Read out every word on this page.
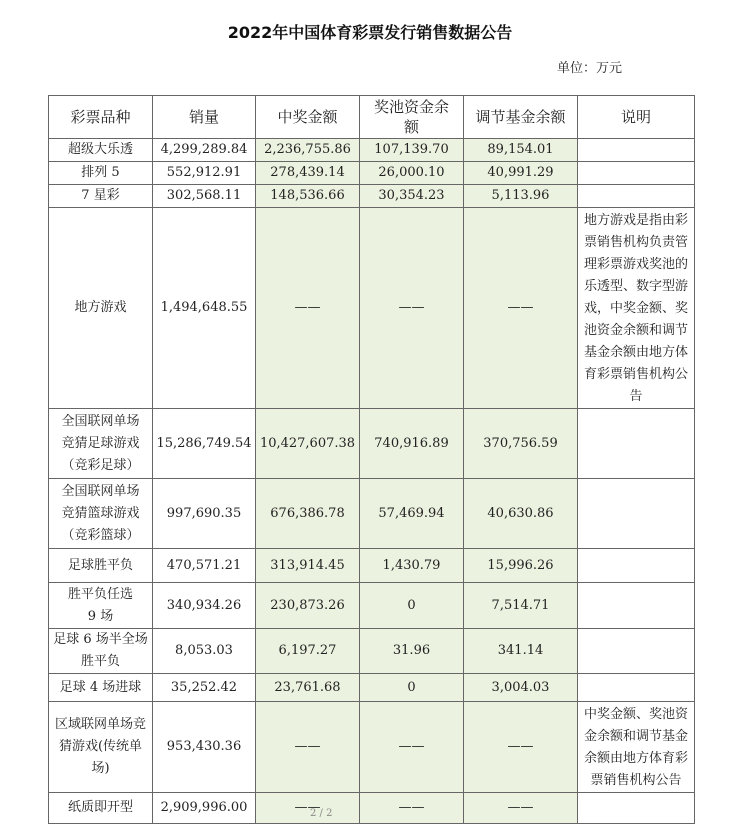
2022年中国体育彩票发行销售数据公告
单位：万元
彩票品种	销量	中奖金额	奖池资金余额	调节基金余额	说明
超级大乐透	4,299,289.84	2,236,755.86	107,139.70	89,154.01	
排列 5	552,912.91	278,439.14	26,000.10	40,991.29	
7 星彩	302,568.11	148,536.66	30,354.23	5,113.96	
地方游戏	1,494,648.55	——	——	——	地方游戏是指由彩票销售机构负责管理彩票游戏奖池的乐透型、数字型游戏，中奖金额、奖池资金余额和调节基金余额由地方体育彩票销售机构公告
全国联网单场竞猜足球游戏（竞彩足球）	15,286,749.54	10,427,607.38	740,916.89	370,756.59	
全国联网单场竞猜篮球游戏（竞彩篮球）	997,690.35	676,386.78	57,469.94	40,630.86	
足球胜平负	470,571.21	313,914.45	1,430.79	15,996.26	
胜平负任选 9 场	340,934.26	230,873.26	0	7,514.71	
足球 6 场半全场胜平负	8,053.03	6,197.27	31.96	341.14	
足球 4 场进球	35,252.42	23,761.68	0	3,004.03	
区域联网单场竞猜游戏(传统单场)	953,430.36	——	——	——	中奖金额、奖池资金余额和调节基金余额由地方体育彩票销售机构公告
纸质即开型	2,909,996.00	——	——	——	
2 / 2
